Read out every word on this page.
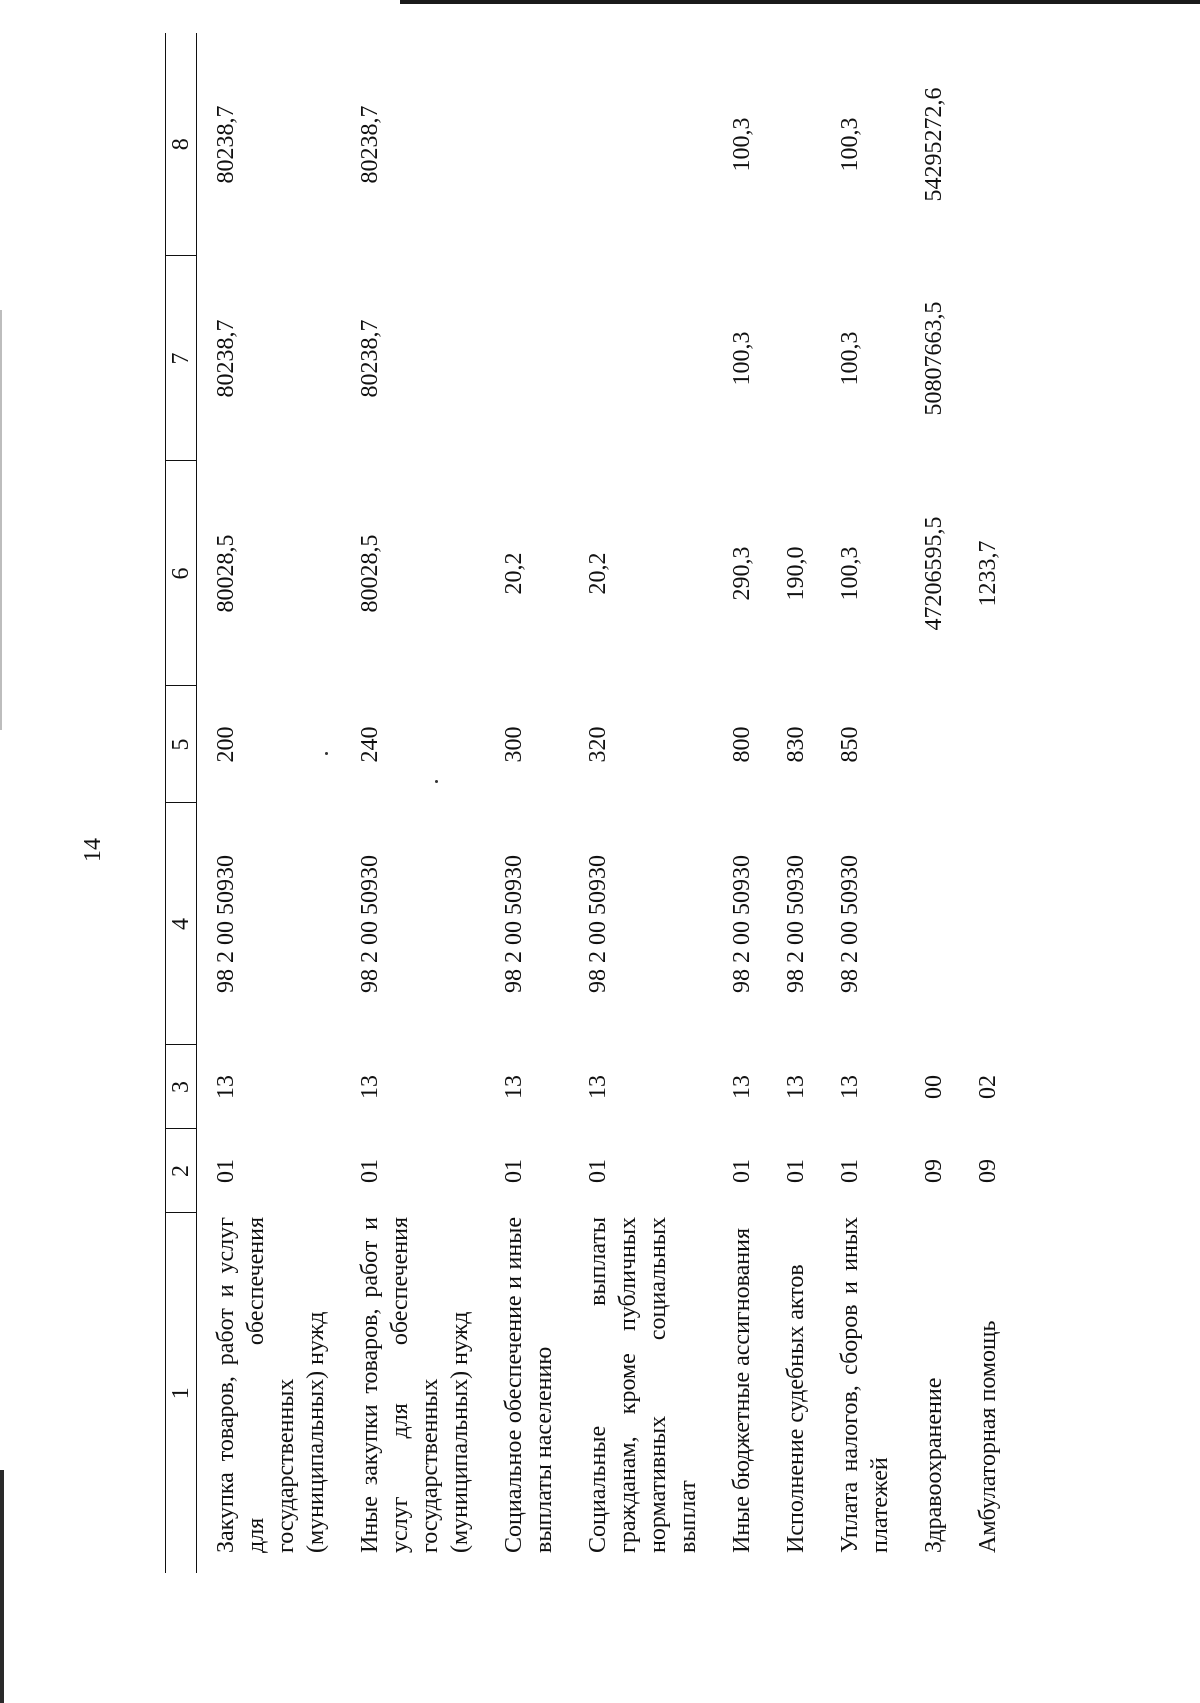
14
1	2	3	4	5	6	7	8
Закупка товаров, работ и услуг для обеспечения государственных (муниципальных) нужд	01	13	98 2 00 50930	200	80028,5	80238,7	80238,7
Иные закупки товаров, работ и услуг для обеспечения государственных (муниципальных) нужд	01	13	98 2 00 50930	240	80028,5	80238,7	80238,7
Социальное обеспечение и иные выплаты населению	01	13	98 2 00 50930	300	20,2		
Социальные выплаты гражданам, кроме публичных нормативных социальных выплат	01	13	98 2 00 50930	320	20,2		
Иные бюджетные ассигнования	01	13	98 2 00 50930	800	290,3	100,3	100,3
Исполнение судебных актов	01	13	98 2 00 50930	830	190,0		
Уплата налогов, сборов и иных платежей	01	13	98 2 00 50930	850	100,3	100,3	100,3
Здравоохранение	09	00			47206595,5	50807663,5	54295272,6
Амбулаторная помощь	09	02			1233,7		
